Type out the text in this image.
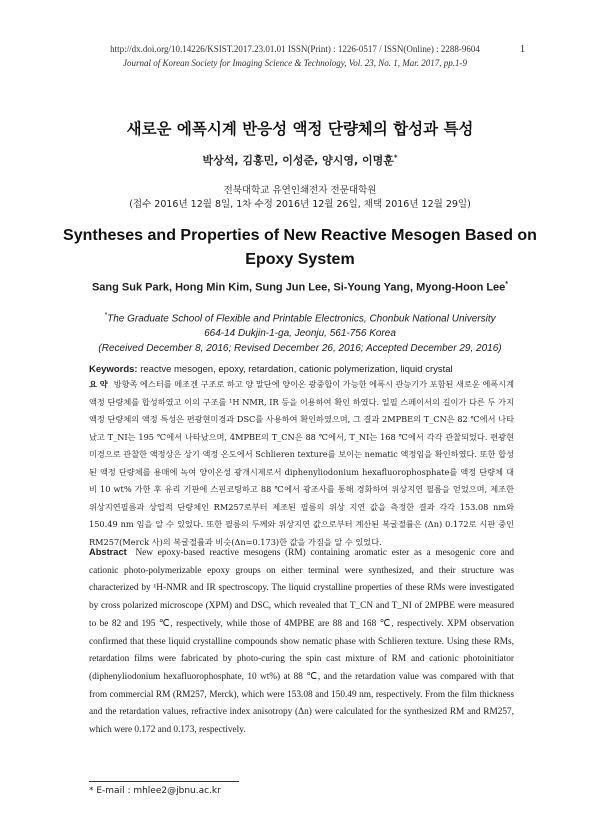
http://dx.doi.org/10.14226/KSIST.2017.23.01.01 ISSN(Print) : 1226-0517 / ISSN(Online) : 2288-9604	1
Journal of Korean Society for Imaging Science & Technology, Vol. 23, No. 1, Mar. 2017, pp.1-9
새로운 에폭시계 반응성 액정 단량체의 합성과 특성
박상석, 김홍민, 이성준, 양시영, 이명훈*
전북대학교 유연인쇄전자 전문대학원
(접수 2016년 12월 8일, 1차 수정 2016년 12월 26일, 채택 2016년 12월 29일)
Syntheses and Properties of New Reactive Mesogen Based on Epoxy System
Sang Suk Park, Hong Min Kim, Sung Jun Lee, Si-Young Yang, Myong-Hoon Lee*
*The Graduate School of Flexible and Printable Electronics, Chonbuk National University
664-14 Dukjin-1-ga, Jeonju, 561-756 Korea
(Received December 8, 2016; Revised December 26, 2016; Accepted December 29, 2016)
Keywords: reactve mesogen, epoxy, retardation, cationic polymerization, liquid crystal
요 약 방향족 에스터를 메조겐 구조로 하고 양 말단에 양이온 광중합이 가능한 에폭시 관능기가 포함된 새로운 에폭시계 액정 단량체를 합성하였고 이의 구조를 ¹H NMR, IR 등을 이용하여 확인 하였다. 일필 스페이서의 길이가 다른 두 가지 액정 단량체의 액정 특성은 편광현미경과 DSC를 사용하여 확인하였으며, 그 결과 2MPBE의 T_CN은 82 ℃에서 나타났고 T_NI는 195 ℃에서 나타났으며, 4MPBE의 T_CN은 88 ℃에서, T_NI는 168 ℃에서 각각 관찰되었다. 편광현미경으로 관찰한 액정상은 상기 액정 온도에서 Schlieren texture를 보이는 nematic 액정임을 확인하였다. 또한 합성된 액정 단량체를 용매에 녹여 양이온성 광개시제로서 diphenyliodonium hexafluorophosphate를 액정 단량체 대비 10 wt% 가한 후 유리 기판에 스핀코팅하고 88 ℃에서 광조사를 통해 경화하여 위상지연 필름을 얻었으며, 제조한 위상지연필름과 상업적 단량체인 RM257로부터 제조된 필름의 위상 지연 값을 측정한 결과 각각 153.08 nm와 150.49 nm 임을 알 수 있었다. 또한 필름의 두께와 위상지연 값으로부터 계산된 복굴절률은 (Δn) 0.172로 시판 중인 RM257(Merck 사)의 복굴절률과 비슷(Δn=0.173)한 값을 가짐을 알 수 있었다.
Abstract New epoxy-based reactive mesogens (RM) containing aromatic ester as a mesogenic core and cationic photo-polymerizable epoxy groups on either terminal were synthesized, and their structure was characterized by ¹H-NMR and IR spectroscopy. The liquid crystalline properties of these RMs were investigated by cross polarized microscope (XPM) and DSC, which revealed that T_CN and T_NI of 2MPBE were measured to be 82 and 195 ℃, respectively, while those of 4MPBE are 88 and 168 ℃, respectively. XPM observation confirmed that these liquid crystalline compounds show nematic phase with Schlieren texture. Using these RMs, retardation films were fabricated by photo-curing the spin cast mixture of RM and cationic photoinitiator (diphenyliodonium hexafluorophosphate, 10 wt%) at 88 ℃, and the retardation value was compared with that from commercial RM (RM257, Merck), which were 153.08 and 150.49 nm, respectively. From the film thickness and the retardation values, refractive index anisotropy (Δn) were calculated for the synthesized RM and RM257, which were 0.172 and 0.173, respectively.
* E-mail : mhlee2@jbnu.ac.kr
